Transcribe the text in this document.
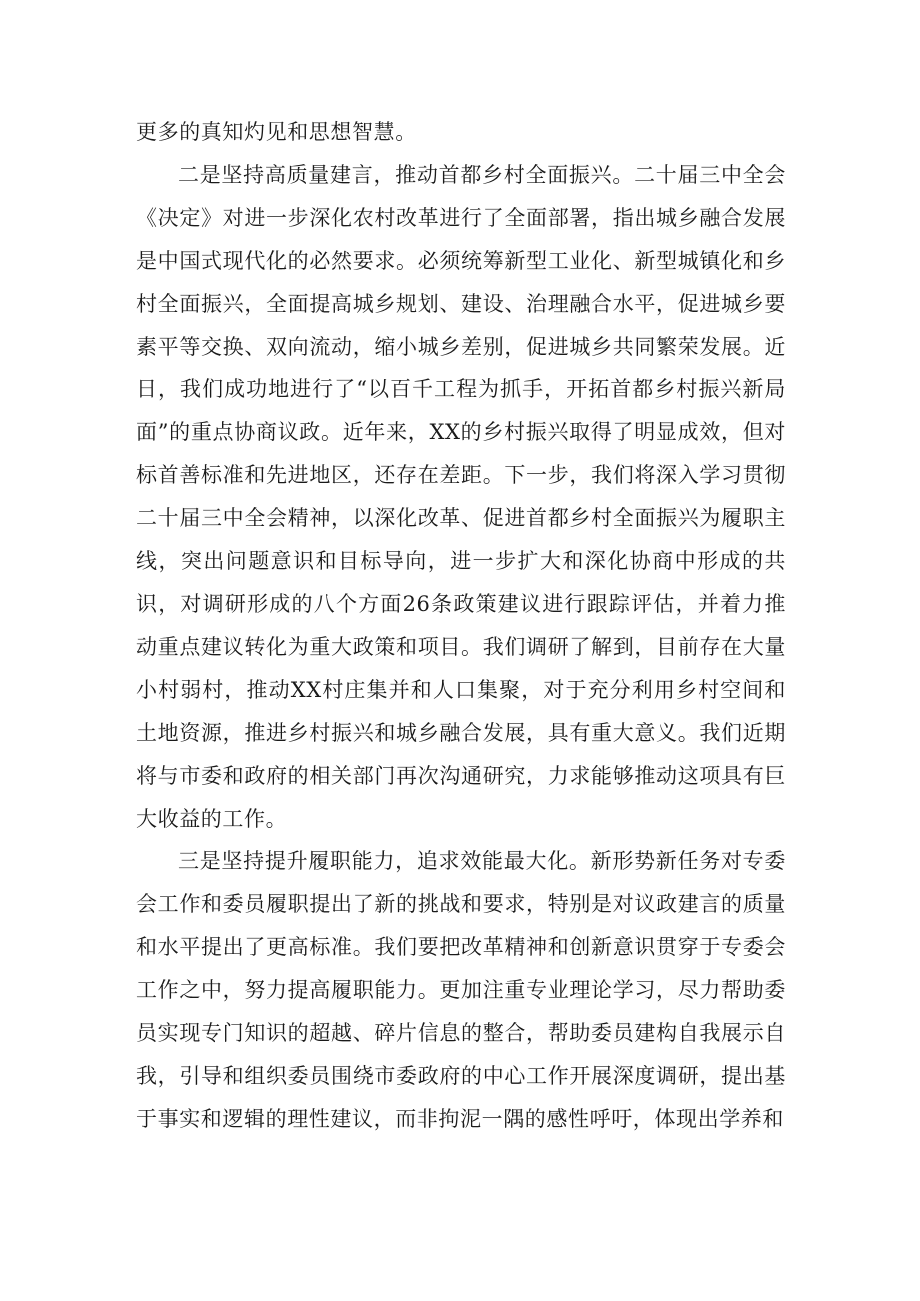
更多的真知灼见和思想智慧。

二是坚持高质量建言，推动首都乡村全面振兴。二十届三中全会《决定》对进一步深化农村改革进行了全面部署，指出城乡融合发展是中国式现代化的必然要求。必须统筹新型工业化、新型城镇化和乡村全面振兴，全面提高城乡规划、建设、治理融合水平，促进城乡要素平等交换、双向流动，缩小城乡差别，促进城乡共同繁荣发展。近日，我们成功地进行了“以百千工程为抓手，开拓首都乡村振兴新局面”的重点协商议政。近年来，XX的乡村振兴取得了明显成效，但对标首善标准和先进地区，还存在差距。下一步，我们将深入学习贯彻二十届三中全会精神，以深化改革、促进首都乡村全面振兴为履职主线，突出问题意识和目标导向，进一步扩大和深化协商中形成的共识，对调研形成的八个方面26条政策建议进行跟踪评估，并着力推动重点建议转化为重大政策和项目。我们调研了解到，目前存在大量小村弱村，推动XX村庄集并和人口集聚，对于充分利用乡村空间和土地资源，推进乡村振兴和城乡融合发展，具有重大意义。我们近期将与市委和政府的相关部门再次沟通研究，力求能够推动这项具有巨大收益的工作。

三是坚持提升履职能力，追求效能最大化。新形势新任务对专委会工作和委员履职提出了新的挑战和要求，特别是对议政建言的质量和水平提出了更高标准。我们要把改革精神和创新意识贯穿于专委会工作之中，努力提高履职能力。更加注重专业理论学习，尽力帮助委员实现专门知识的超越、碎片信息的整合，帮助委员建构自我展示自我，引导和组织委员围绕市委政府的中心工作开展深度调研，提出基于事实和逻辑的理性建议，而非拘泥一隅的感性呼吁，体现出学养和
